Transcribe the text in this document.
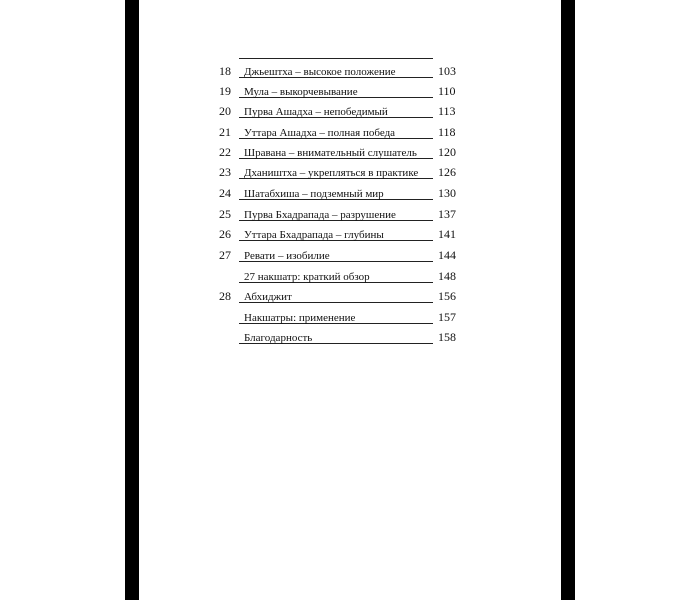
18 Джьештха – высокое положение	103
19 Мула – выкорчевывание	110
20 Пурва Ашадха – непобедимый	113
21 Уттара Ашадха – полная победа	118
22 Шравана – внимательный слушатель 120
23 Дхаништха – укрепляться в практике 126
24 Шатабхиша – подземный мир	130
25 Пурва Бхадрапада – разрушение	137
26 Уттара Бхадрапада – глубины	141
27 Ревати – изобилие	144
27 накшатр: краткий обзор	148
28 Абхиджит	156
Накшатры: применение	157
Благодарность	158
